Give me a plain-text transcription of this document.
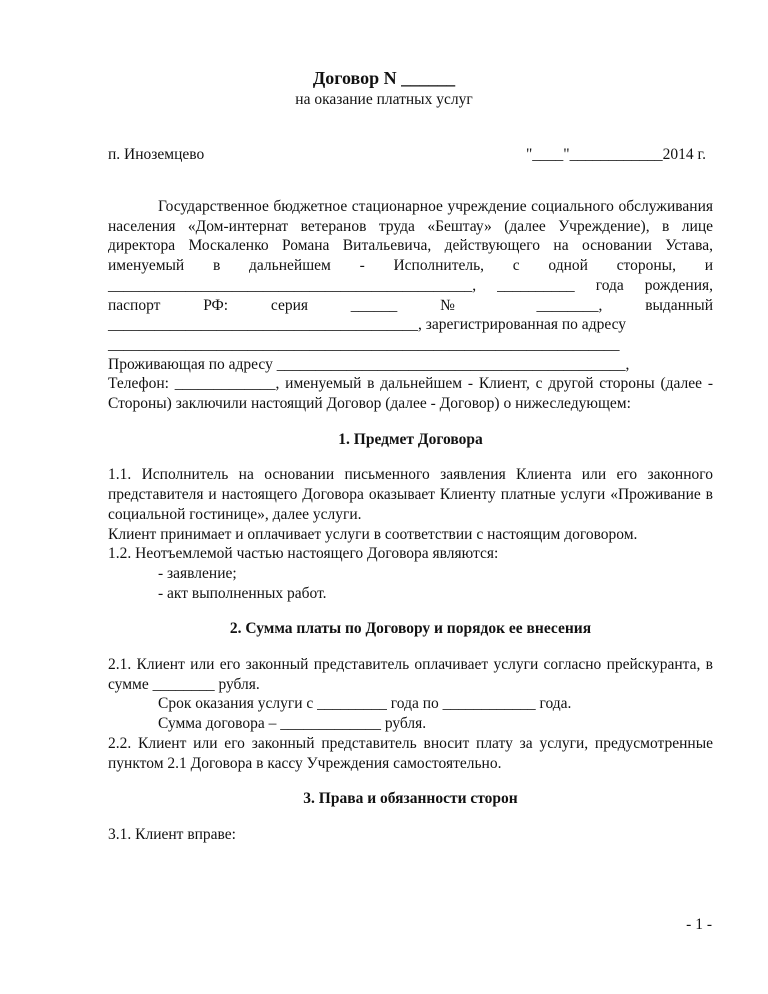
Договор N ______
на оказание платных услуг
п. Иноземцево	"____"____________2014 г.

Государственное бюджетное стационарное учреждение социального обслуживания населения «Дом-интернат ветеранов труда «Бештау» (далее Учреждение), в лице директора Москаленко Романа Витальевича, действующего на основании Устава, именуемый в дальнейшем - Исполнитель, с одной стороны, и _______________________________________________, __________ года рождения, паспорт РФ: серия ______ № ________, выданный ________________________________________, зарегистрированная по адресу

__________________________________________________________________

Проживающая по адресу _____________________________________________,

Телефон: _____________, именуемый в дальнейшем - Клиент, с другой стороны (далее - Стороны) заключили настоящий Договор (далее - Договор) о нижеследующем:

1. Предмет Договора

1.1. Исполнитель на основании письменного заявления Клиента или его законного представителя и настоящего Договора оказывает Клиенту платные услуги «Проживание в социальной гостинице», далее услуги.

Клиент принимает и оплачивает услуги в соответствии с настоящим договором.

1.2. Неотъемлемой частью настоящего Договора являются:

- заявление;

- акт выполненных работ.

2. Сумма платы по Договору и порядок ее внесения

2.1. Клиент или его законный представитель оплачивает услуги согласно прейскуранта, в сумме ________ рубля.

Срок оказания услуги с _________ года по ____________ года.

Сумма договора – _____________ рубля.

2.2. Клиент или его законный представитель вносит плату за услуги, предусмотренные пунктом 2.1 Договора в кассу Учреждения самостоятельно.

3. Права и обязанности сторон

3.1. Клиент вправе:

- 1 -
